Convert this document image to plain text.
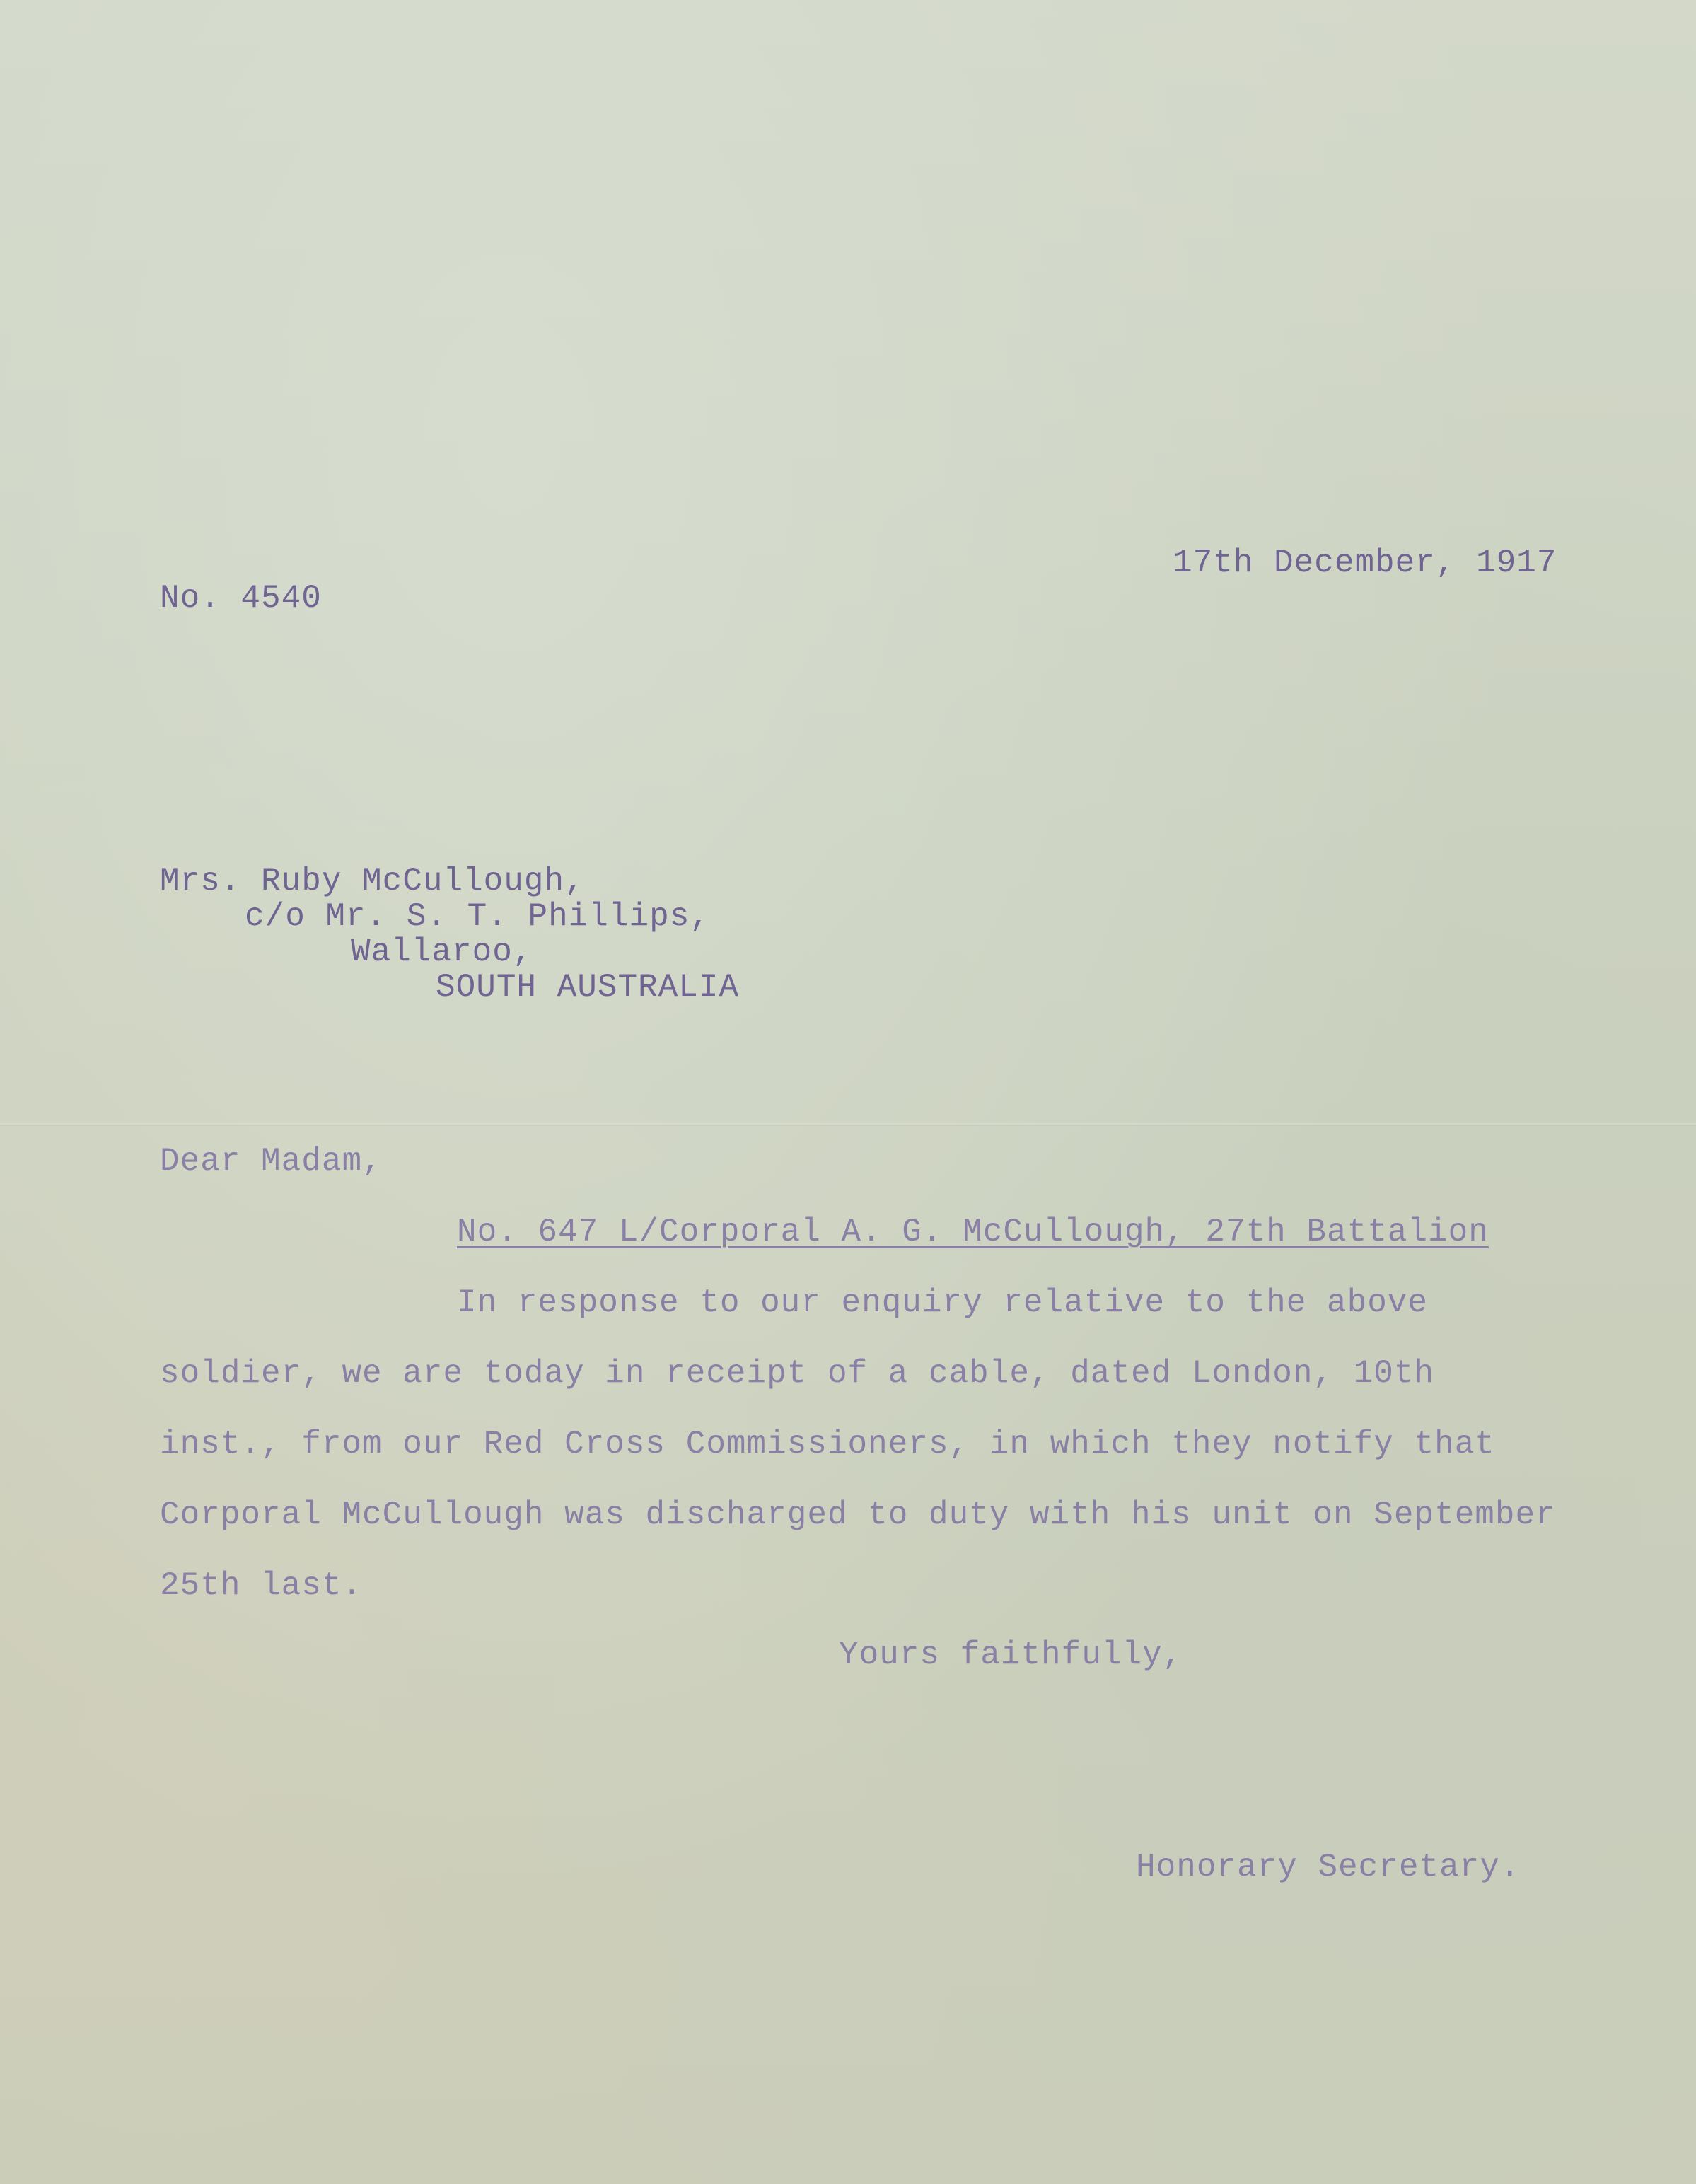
17th December, 1917
No. 4540
Mrs. Ruby McCullough,
c/o Mr. S. T. Phillips,
Wallaroo,
SOUTH AUSTRALIA
Dear Madam,
No. 647 L/Corporal A. G. McCullough, 27th Battalion
In response to our enquiry relative to the above
soldier, we are today in receipt of a cable, dated London, 10th
inst., from our Red Cross Commissioners, in which they notify that
Corporal McCullough was discharged to duty with his unit on September
25th last.
Yours faithfully,
Honorary Secretary.
